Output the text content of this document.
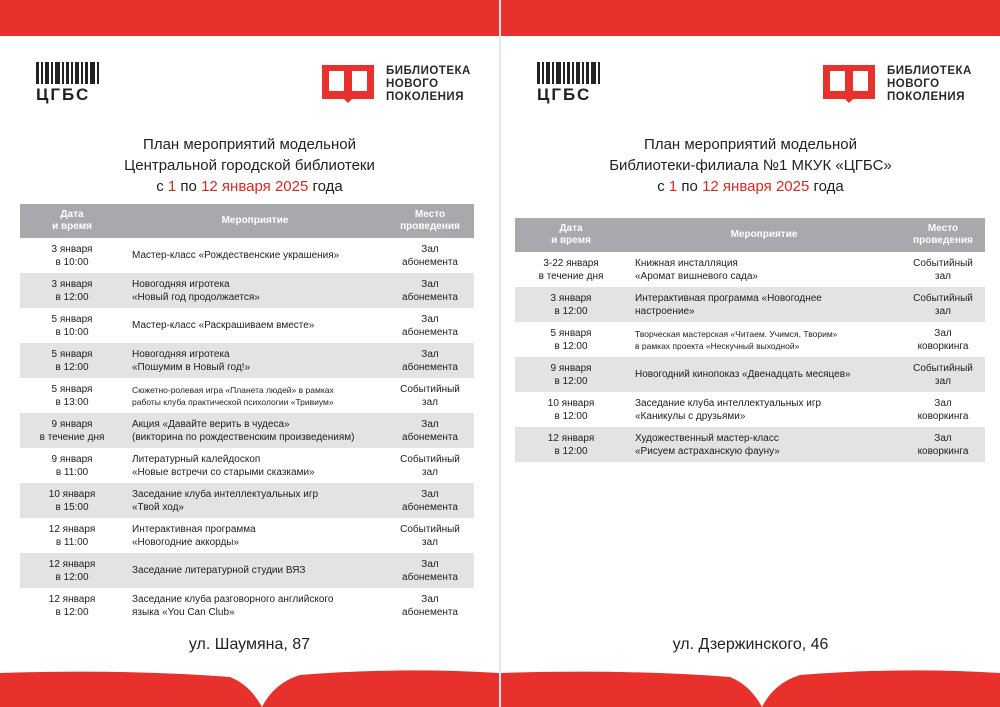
ЦГБС
БИБЛИОТЕКА
НОВОГО
ПОКОЛЕНИЯ
План мероприятий модельной
Центральной городской библиотеки
с 1 по 12 января 2025 года
Дата
и время	Мероприятие	Место
проведения
3 января
в 10:00	Мастер-класс «Рождественские украшения»	Зал
абонемента
3 января
в 12:00	Новогодняя игротека
«Новый год продолжается»	Зал
абонемента
5 января
в 10:00	Мастер-класс «Раскрашиваем вместе»	Зал
абонемента
5 января
в 12:00	Новогодняя игротека
«Пошумим в Новый год!»	Зал
абонемента
5 января
в 13:00	Сюжетно-ролевая игра «Планета людей» в рамках
работы клуба практической психологии «Тривиум»	Событийный
зал
9 января
в течение дня	Акция «Давайте верить в чудеса»
(викторина по рождественским произведениям)	Зал
абонемента
9 января
в 11:00	Литературный калейдоскоп
«Новые встречи со старыми сказками»	Событийный
зал
10 января
в 15:00	Заседание клуба интеллектуальных игр
«Твой ход»	Зал
абонемента
12 января
в 11:00	Интерактивная программа
«Новогодние аккорды»	Событийный
зал
12 января
в 12:00	Заседание литературной студии ВЯЗ	Зал
абонемента
12 января
в 12:00	Заседание клуба разговорного английского
языка «You Can Club»	Зал
абонемента
ул. Шаумяна, 87
ЦГБС
БИБЛИОТЕКА
НОВОГО
ПОКОЛЕНИЯ
План мероприятий модельной
Библиотеки-филиала №1 МКУК «ЦГБС»
с 1 по 12 января 2025 года
Дата
и время	Мероприятие	Место
проведения
3-22 января
в течение дня	Книжная инсталляция
«Аромат вишневого сада»	Событийный
зал
3 января
в 12:00	Интерактивная программа «Новогоднее
настроение»	Событийный
зал
5 января
в 12:00	Творческая мастерская «Читаем. Учимся, Творим»
в рамках проекта «Нескучный выходной»	Зал
коворкинга
9 января
в 12:00	Новогодний кинопоказ «Двенадцать месяцев»	Событийный
зал
10 января
в 12:00	Заседание клуба интеллектуальных игр
«Каникулы с друзьями»	Зал
коворкинга
12 января
в 12:00	Художественный мастер-класс
«Рисуем астраханскую фауну»	Зал
коворкинга
ул. Дзержинского, 46
